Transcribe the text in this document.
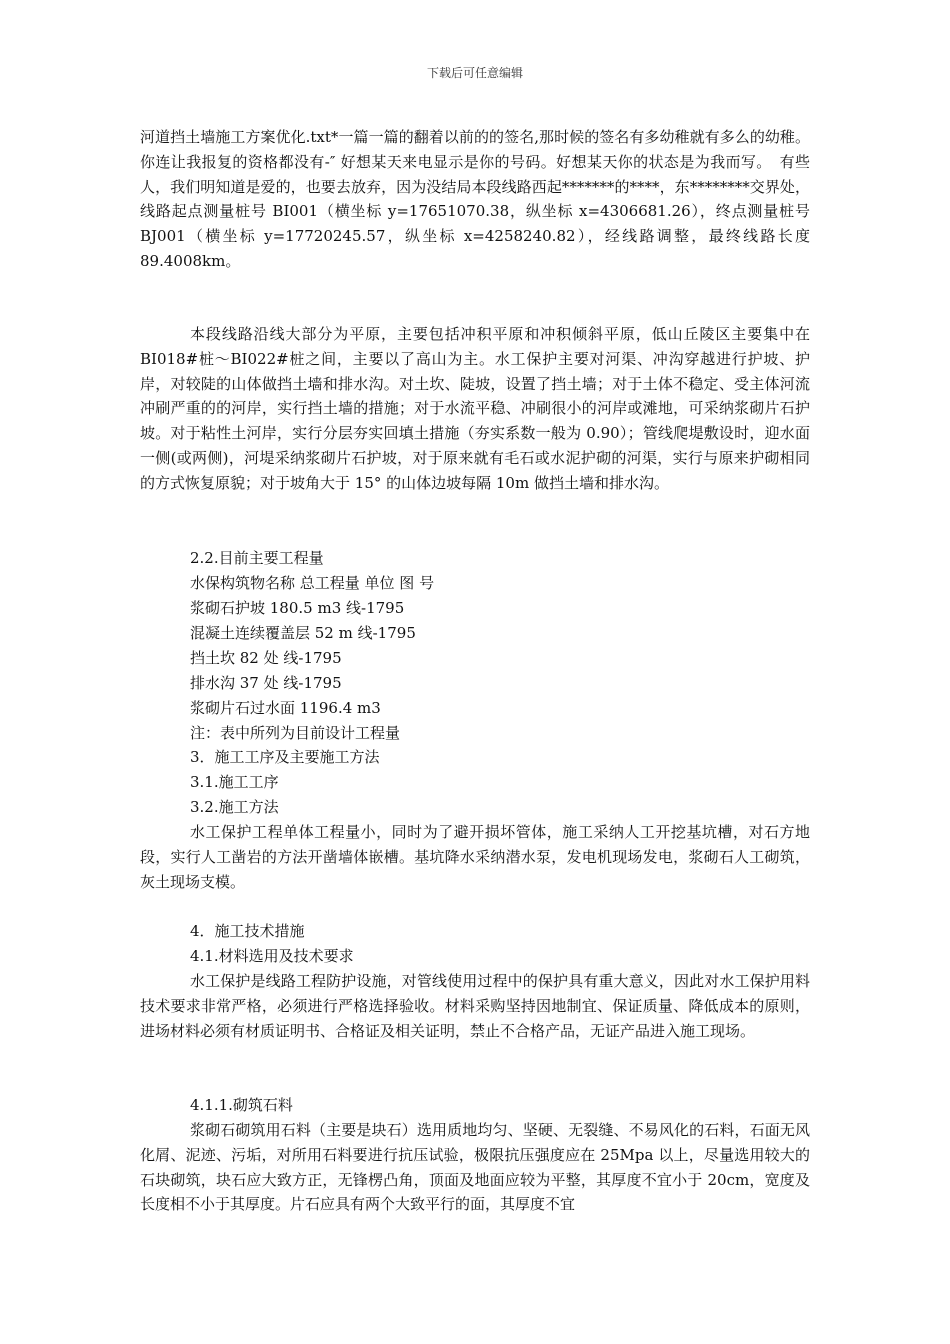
下载后可任意编辑

河道挡土墙施工方案优化.txt*一篇一篇的翻着以前的的签名,那时候的签名有多幼稚就有多么的幼稚。你连让我报复的资格都没有-″ 好想某天来电显示是你的号码。好想某天你的状态是为我而写。　有些人，我们明知道是爱的，也要去放弃，因为没结局本段线路西起*******的****，东********交界处，线路起点测量桩号 BI001（横坐标 y=17651070.38，纵坐标 x=4306681.26），终点测量桩号 BJ001（横坐标 y=17720245.57，纵坐标 x=4258240.82），经线路调整，最终线路长度 89.4008km。

本段线路沿线大部分为平原，主要包括冲积平原和冲积倾斜平原，低山丘陵区主要集中在 BI018#桩～BI022#桩之间，主要以了高山为主。水工保护主要对河渠、冲沟穿越进行护坡、护岸，对较陡的山体做挡土墙和排水沟。对土坎、陡坡，设置了挡土墙；对于土体不稳定、受主体河流冲刷严重的的河岸，实行挡土墙的措施；对于水流平稳、冲刷很小的河岸或滩地，可采纳浆砌片石护坡。对于粘性土河岸，实行分层夯实回填土措施（夯实系数一般为 0.90）；管线爬堤敷设时，迎水面一侧(或两侧)，河堤采纳浆砌片石护坡，对于原来就有毛石或水泥护砌的河渠，实行与原来护砌相同的方式恢复原貌；对于坡角大于 15° 的山体边坡每隔 10m 做挡土墙和排水沟。

2.2.目前主要工程量

水保构筑物名称 总工程量 单位 图 号

浆砌石护坡 180.5 m3 线-1795

混凝土连续覆盖层 52 m 线-1795

挡土坎 82 处 线-1795

排水沟 37 处 线-1795

浆砌片石过水面 1196.4 m3

注：表中所列为目前设计工程量

3．施工工序及主要施工方法

3.1.施工工序

3.2.施工方法

水工保护工程单体工程量小，同时为了避开损坏管体，施工采纳人工开挖基坑槽，对石方地段，实行人工凿岩的方法开凿墙体嵌槽。基坑降水采纳潜水泵，发电机现场发电，浆砌石人工砌筑，灰土现场支模。

4．施工技术措施

4.1.材料选用及技术要求

水工保护是线路工程防护设施，对管线使用过程中的保护具有重大意义，因此对水工保护用料技术要求非常严格，必须进行严格选择验收。材料采购坚持因地制宜、保证质量、降低成本的原则，进场材料必须有材质证明书、合格证及相关证明，禁止不合格产品，无证产品进入施工现场。

4.1.1.砌筑石料

浆砌石砌筑用石料（主要是块石）选用质地均匀、坚硬、无裂缝、不易风化的石料，石面无风化屑、泥迹、污垢，对所用石料要进行抗压试验，极限抗压强度应在 25Mpa 以上，尽量选用较大的石块砌筑，块石应大致方正，无锋楞凸角，顶面及地面应较为平整，其厚度不宜小于 20cm，宽度及长度相不小于其厚度。片石应具有两个大致平行的面，其厚度不宜
